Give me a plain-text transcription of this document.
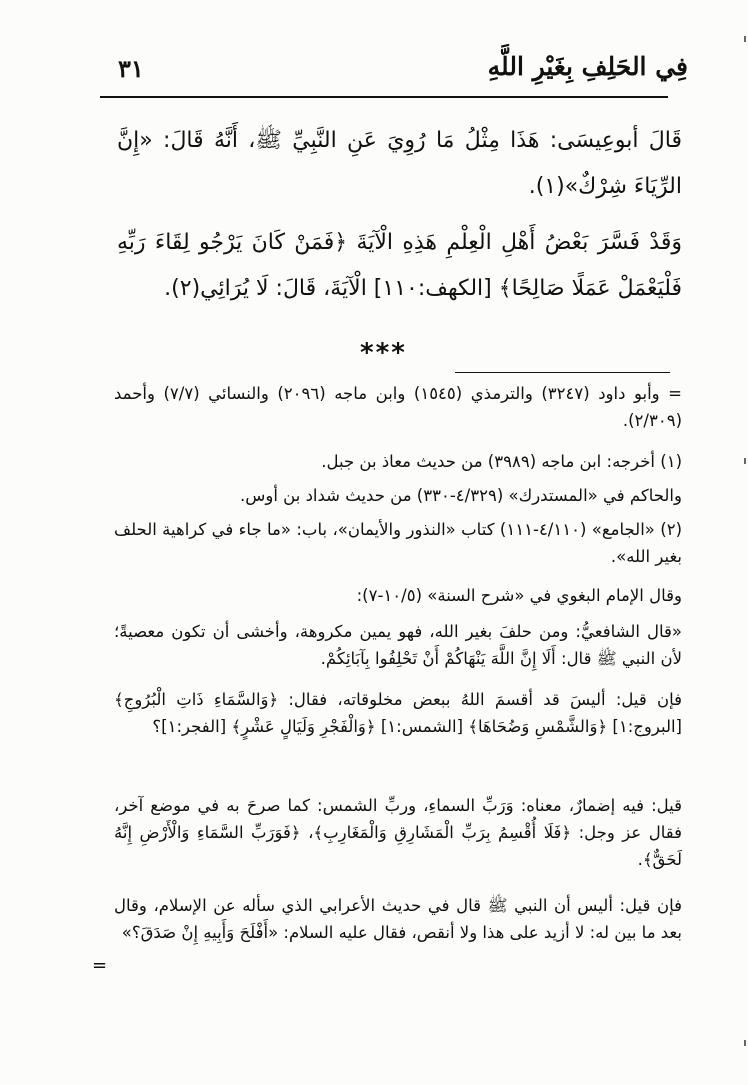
فِي الحَلِفِ بِغَيْرِ اللَّهِ
٣١
قَالَ أبوعِيسَى: هَذَا مِثْلُ مَا رُوِيَ عَنِ النَّبِيِّ ﷺ، أَنَّهُ قَالَ: «إِنَّ الرِّيَاءَ شِرْكٌ»(١).
وَقَدْ فَسَّرَ بَعْضُ أَهْلِ الْعِلْمِ هَذِهِ الْآيَةَ ﴿فَمَنْ كَانَ يَرْجُو لِقَاءَ رَبِّهِ فَلْيَعْمَلْ عَمَلًا صَالِحًا﴾ [الكهف:١١٠] الْآيَةَ، قَالَ: لَا يُرَائِي(٢).
***
= وأبو داود (٣٢٤٧) والترمذي (١٥٤٥) وابن ماجه (٢٠٩٦) والنسائي (٧/٧) وأحمد (٢/٣٠٩).
(١) أخرجه: ابن ماجه (٣٩٨٩) من حديث معاذ بن جبل.
والحاكم في «المستدرك» (٤/٣٢٩-٣٣٠) من حديث شداد بن أوس.
(٢) «الجامع» (٤/١١٠-١١١) كتاب «النذور والأيمان»، باب: «ما جاء في كراهية الحلف بغير الله».
وقال الإمام البغوي في «شرح السنة» (١٠/٥-٧):
«قال الشافعيُّ: ومن حلفَ بغير الله، فهو يمين مكروهة، وأخشى أن تكون معصيةً؛ لأن النبي ﷺ قال: أَلَا إِنَّ اللَّهَ يَنْهَاكُمْ أَنْ تَحْلِفُوا بِآبَائِكُمْ.
فإن قيل: أليسَ قد أقسمَ اللهُ ببعض مخلوقاته، فقال: ﴿وَالسَّمَاءِ ذَاتِ الْبُرُوجِ﴾ [البروج:١] ﴿وَالشَّمْسِ وَضُحَاهَا﴾ [الشمس:١] ﴿وَالْفَجْرِ وَلَيَالٍ عَشْرٍ﴾ [الفجر:١]؟
قيل: فيه إضمارٌ، معناه: وَرَبِّ السماءِ، وربِّ الشمس: كما صرحَ به في موضع آخر، فقال عز وجل: ﴿فَلَا أُقْسِمُ بِرَبِّ الْمَشَارِقِ وَالْمَغَارِبِ﴾، ﴿فَوَرَبِّ السَّمَاءِ وَالْأَرْضِ إِنَّهُ لَحَقٌّ﴾.
فإن قيل: أليس أن النبي ﷺ قال في حديث الأعرابي الذي سأله عن الإسلام، وقال بعد ما بين له: لا أزيد على هذا ولا أنقص، فقال عليه السلام: «أَفْلَحَ وَأَبِيهِ إِنْ صَدَقَ؟»
=
